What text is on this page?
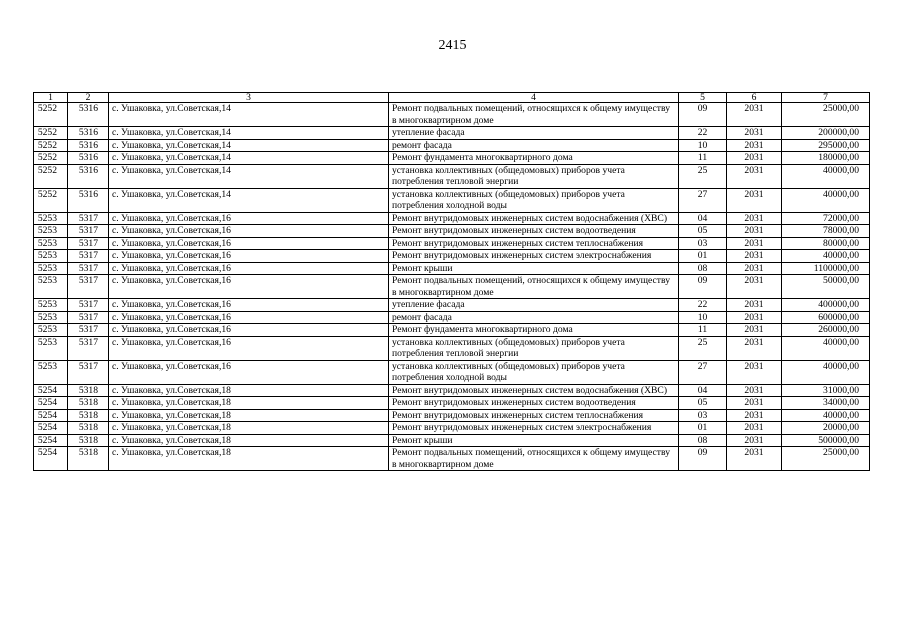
2415
1	2	3	4	5	6	7
5252	5316	с. Ушаковка, ул.Советская,14	Ремонт подвальных помещений, относящихся к общему имуществу в многоквартирном доме	09	2031	25000,00
5252	5316	с. Ушаковка, ул.Советская,14	утепление фасада	22	2031	200000,00
5252	5316	с. Ушаковка, ул.Советская,14	ремонт фасада	10	2031	295000,00
5252	5316	с. Ушаковка, ул.Советская,14	Ремонт фундамента многоквартирного дома	11	2031	180000,00
5252	5316	с. Ушаковка, ул.Советская,14	установка коллективных (общедомовых) приборов учета потребления тепловой энергии	25	2031	40000,00
5252	5316	с. Ушаковка, ул.Советская,14	установка коллективных (общедомовых) приборов учета потребления холодной воды	27	2031	40000,00
5253	5317	с. Ушаковка, ул.Советская,16	Ремонт внутридомовых инженерных систем водоснабжения (ХВС)	04	2031	72000,00
5253	5317	с. Ушаковка, ул.Советская,16	Ремонт внутридомовых инженерных систем водоотведения	05	2031	78000,00
5253	5317	с. Ушаковка, ул.Советская,16	Ремонт внутридомовых инженерных систем теплоснабжения	03	2031	80000,00
5253	5317	с. Ушаковка, ул.Советская,16	Ремонт внутридомовых инженерных систем электроснабжения	01	2031	40000,00
5253	5317	с. Ушаковка, ул.Советская,16	Ремонт крыши	08	2031	1100000,00
5253	5317	с. Ушаковка, ул.Советская,16	Ремонт подвальных помещений, относящихся к общему имуществу в многоквартирном доме	09	2031	50000,00
5253	5317	с. Ушаковка, ул.Советская,16	утепление фасада	22	2031	400000,00
5253	5317	с. Ушаковка, ул.Советская,16	ремонт фасада	10	2031	600000,00
5253	5317	с. Ушаковка, ул.Советская,16	Ремонт фундамента многоквартирного дома	11	2031	260000,00
5253	5317	с. Ушаковка, ул.Советская,16	установка коллективных (общедомовых) приборов учета потребления тепловой энергии	25	2031	40000,00
5253	5317	с. Ушаковка, ул.Советская,16	установка коллективных (общедомовых) приборов учета потребления холодной воды	27	2031	40000,00
5254	5318	с. Ушаковка, ул.Советская,18	Ремонт внутридомовых инженерных систем водоснабжения (ХВС)	04	2031	31000,00
5254	5318	с. Ушаковка, ул.Советская,18	Ремонт внутридомовых инженерных систем водоотведения	05	2031	34000,00
5254	5318	с. Ушаковка, ул.Советская,18	Ремонт внутридомовых инженерных систем теплоснабжения	03	2031	40000,00
5254	5318	с. Ушаковка, ул.Советская,18	Ремонт внутридомовых инженерных систем электроснабжения	01	2031	20000,00
5254	5318	с. Ушаковка, ул.Советская,18	Ремонт крыши	08	2031	500000,00
5254	5318	с. Ушаковка, ул.Советская,18	Ремонт подвальных помещений, относящихся к общему имуществу в многоквартирном доме	09	2031	25000,00
